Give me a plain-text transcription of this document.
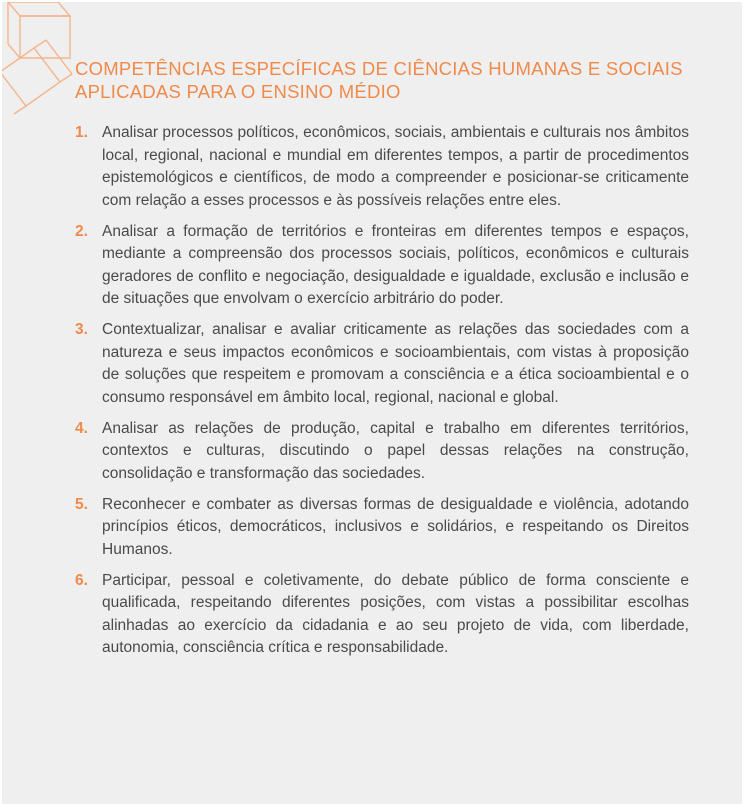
COMPETÊNCIAS ESPECÍFICAS DE CIÊNCIAS HUMANAS E SOCIAIS APLICADAS PARA O ENSINO MÉDIO
1. Analisar processos políticos, econômicos, sociais, ambientais e culturais nos âmbitos local, regional, nacional e mundial em diferentes tempos, a partir de procedimentos epistemológicos e científicos, de modo a compreender e posicionar-se criticamente com relação a esses processos e às possíveis relações entre eles.
2. Analisar a formação de territórios e fronteiras em diferentes tempos e espaços, mediante a compreensão dos processos sociais, políticos, econômicos e culturais geradores de conflito e negociação, desigualdade e igualdade, exclusão e inclusão e de situações que envolvam o exercício arbitrário do poder.
3. Contextualizar, analisar e avaliar criticamente as relações das sociedades com a natureza e seus impactos econômicos e socioambientais, com vistas à proposição de soluções que respeitem e promovam a consciência e a ética socioambiental e o consumo responsável em âmbito local, regional, nacional e global.
4. Analisar as relações de produção, capital e trabalho em diferentes territórios, contextos e culturas, discutindo o papel dessas relações na construção, consolidação e transformação das sociedades.
5. Reconhecer e combater as diversas formas de desigualdade e violência, adotando princípios éticos, democráticos, inclusivos e solidários, e respeitando os Direitos Humanos.
6. Participar, pessoal e coletivamente, do debate público de forma consciente e qualificada, respeitando diferentes posições, com vistas a possibilitar escolhas alinhadas ao exercício da cidadania e ao seu projeto de vida, com liberdade, autonomia, consciência crítica e responsabilidade.
